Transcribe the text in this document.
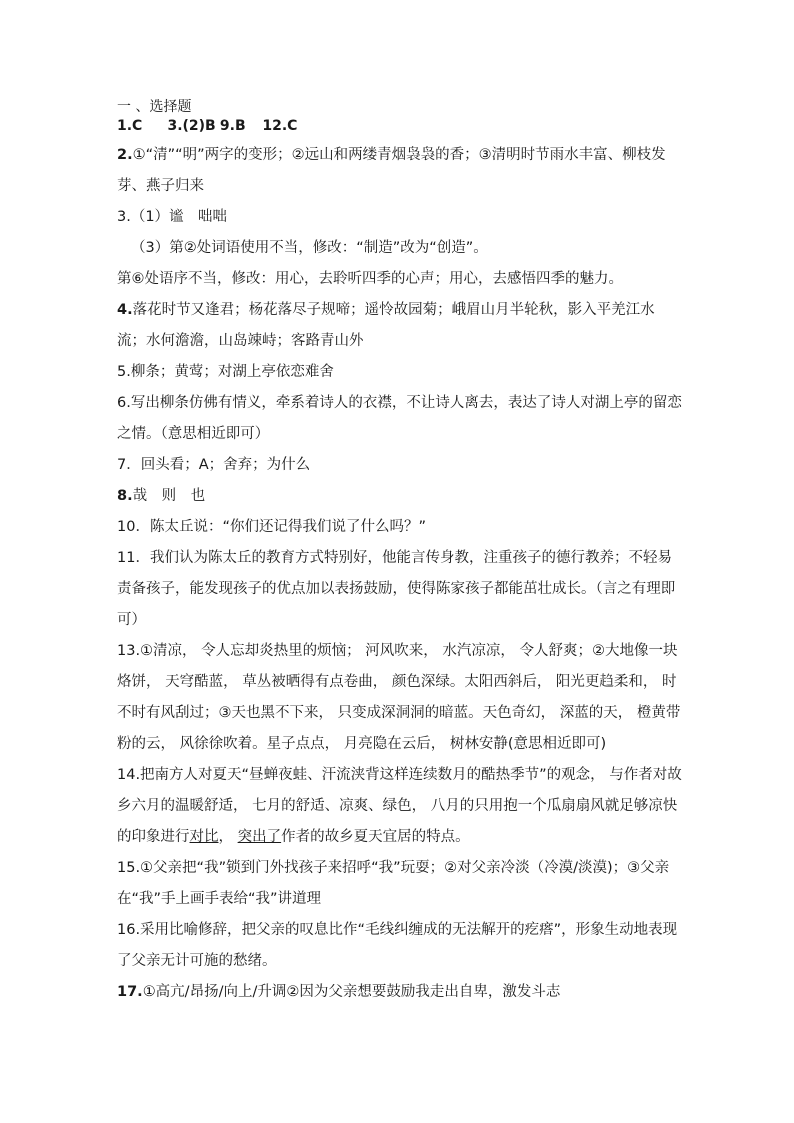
一 、选择题
1.C 3.(2)B 9.B 12.C
2.①“清”“明”两字的变形；②远山和两缕青烟袅袅的香；③清明时节雨水丰富、柳枝发芽、燕子归来
3.（1）谧　咄咄
（3）第②处词语使用不当，修改：“制造”改为“创造”。
第⑥处语序不当，修改：用心，去聆听四季的心声；用心，去感悟四季的魅力。
4.落花时节又逢君；杨花落尽子规啼；遥怜故园菊；峨眉山月半轮秋，影入平羌江水流；水何澹澹，山岛竦峙；客路青山外
5.柳条；黄莺；对湖上亭依恋难舍
6.写出柳条仿佛有情义，牵系着诗人的衣襟，不让诗人离去，表达了诗人对湖上亭的留恋之情。（意思相近即可）
7．回头看；A；舍弃；为什么
8.哉　则　也
10．陈太丘说：“你们还记得我们说了什么吗？”
11．我们认为陈太丘的教育方式特别好，他能言传身教，注重孩子的德行教养；不轻易责备孩子，能发现孩子的优点加以表扬鼓励，使得陈家孩子都能茁壮成长。（言之有理即可）
13.①清凉， 令人忘却炎热里的烦恼； 河风吹来， 水汽凉凉， 令人舒爽；②大地像一块烙饼， 天穹酷蓝， 草丛被晒得有点卷曲， 颜色深绿。太阳西斜后， 阳光更趋柔和， 时不时有风刮过；③天也黑不下来， 只变成深洞洞的暗蓝。天色奇幻， 深蓝的天， 橙黄带粉的云， 风徐徐吹着。星子点点， 月亮隐在云后， 树林安静(意思相近即可)
14.把南方人对夏天“昼蝉夜蛙、汗流浃背这样连续数月的酷热季节”的观念， 与作者对故乡六月的温暖舒适， 七月的舒适、凉爽、绿色， 八月的只用抱一个瓜扇扇风就足够凉快的印象进行对比， 突出了作者的故乡夏天宜居的特点。
15.①父亲把“我”锁到门外找孩子来招呼“我”玩耍；②对父亲冷淡（冷漠/淡漠)；③父亲在“我”手上画手表给“我”讲道理
16.采用比喻修辞，把父亲的叹息比作“毛线纠缠成的无法解开的疙瘩”，形象生动地表现了父亲无计可施的愁绪。
17.①高亢/昂扬/向上/升调②因为父亲想要鼓励我走出自卑，激发斗志
